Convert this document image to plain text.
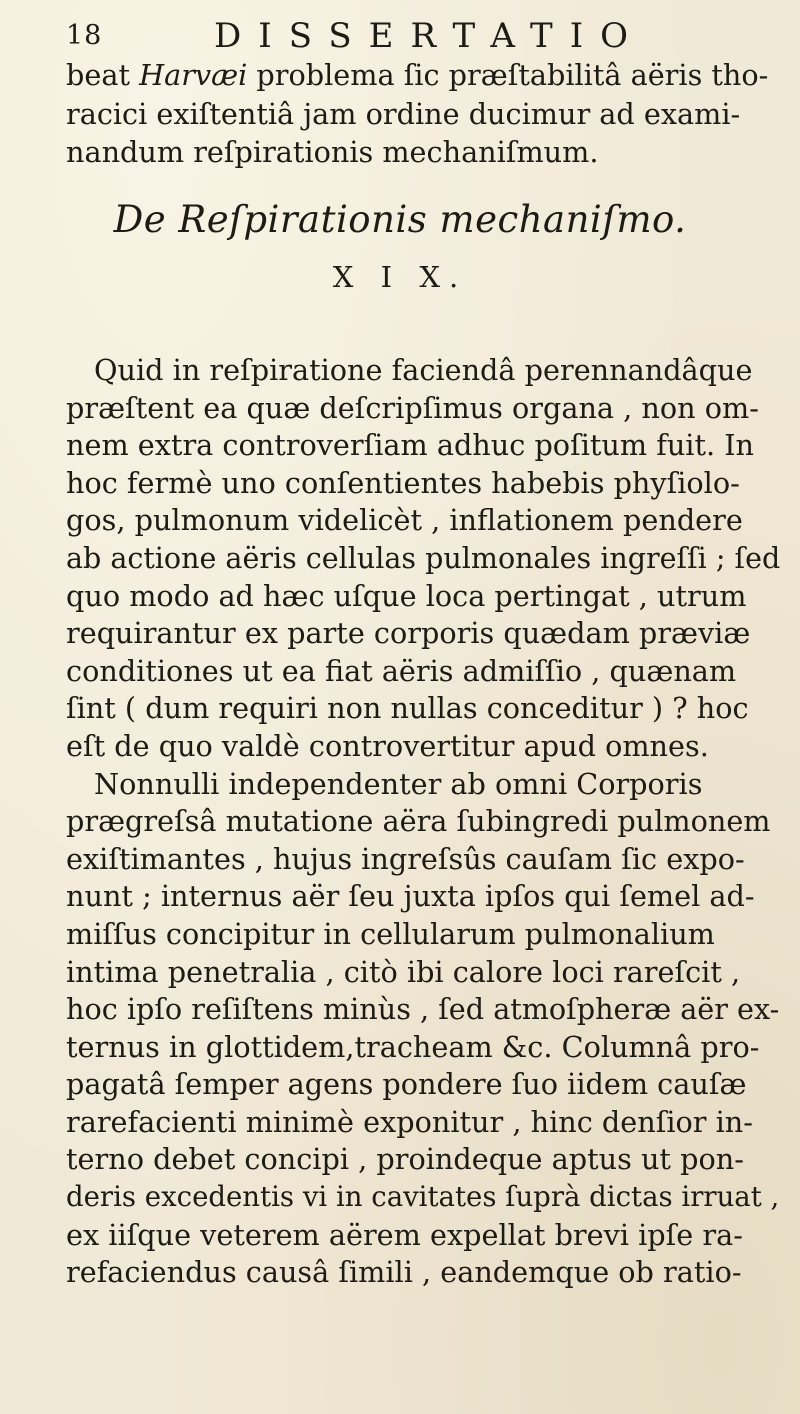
18	DISSERTATIO
beat Harvæi problema ſic præſtabilitâ aëris tho-
racici exiſtentiâ jam ordine ducimur ad exami-
nandum reſpirationis mechaniſmum.
De Reſpirationis mechaniſmo.
X I X.
Quid in reſpiratione faciendâ perennandâque
præſtent ea quæ deſcripſimus organa , non om-
nem extra controverſiam adhuc poſitum fuit. In
hoc fermè uno conſentientes habebis phyſiolo-
gos, pulmonum videlicèt , inflationem pendere
ab actione aëris cellulas pulmonales ingreſſi ; ſed
quo modo ad hæc uſque loca pertingat , utrum
requirantur ex parte corporis quædam præviæ
conditiones ut ea fiat aëris admiſſio , quænam
ſint ( dum requiri non nullas conceditur ) ? hoc
eſt de quo valdè controvertitur apud omnes.
Nonnulli independenter ab omni Corporis
prægreſsâ mutatione aëra ſubingredi pulmonem
exiſtimantes , hujus ingreſsûs cauſam ſic expo-
nunt ; internus aër ſeu juxta ipſos qui ſemel ad-
miſſus concipitur in cellularum pulmonalium
intima penetralia , citò ibi calore loci rareſcit ,
hoc ipſo reſiſtens minùs , ſed atmoſpheræ aër ex-
ternus in glottidem,tracheam &c. Columnâ pro-
pagatâ ſemper agens pondere ſuo iidem cauſæ
rarefacienti minimè exponitur , hinc denſior in-
terno debet concipi , proindeque aptus ut pon-
deris excedentis vi in cavitates ſuprà dictas irruat ,
ex iiſque veterem aërem expellat brevi ipſe ra-
refaciendus causâ ſimili , eandemque ob ratio-
